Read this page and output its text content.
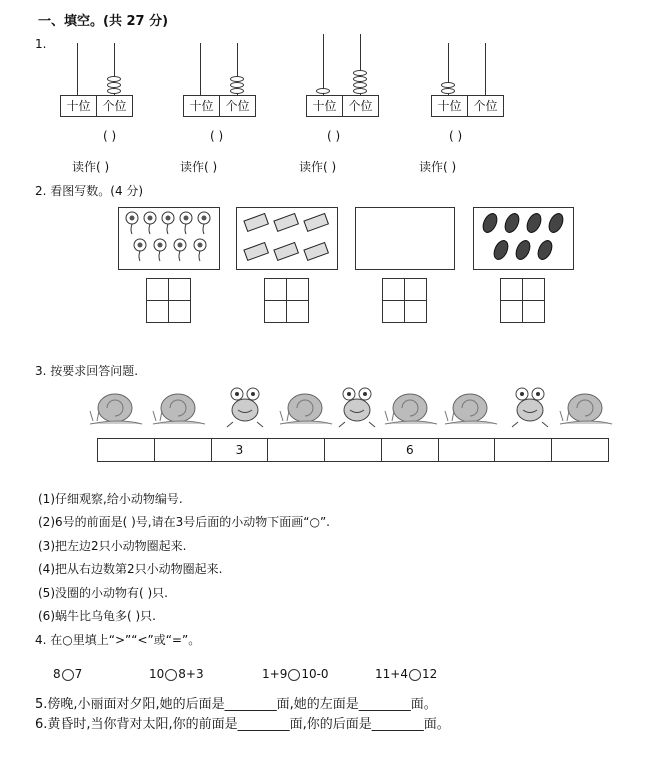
一、填空。(共 27 分)
1.
十位 个位	十位 个位	十位 个位	十位 个位
( )	( )	( )	( )
读作( )	读作( )	读作( )	读作( )
2. 看图写数。(4 分)
3. 按要求回答问题.
3	6
(1)仔细观察,给小动物编号.
(2)6号的前面是( )号,请在3号后面的小动物下面画“○”.
(3)把左边2只小动物圈起来.
(4)把从右边数第2只小动物圈起来.
(5)没圈的小动物有( )只.
(6)蜗牛比乌龟多( )只.
4. 在○里填上“>”“<”或“=”。
8 7	10 8+3	1+9 10-0	11+4 12
5.傍晚,小丽面对夕阳,她的后面是________面,她的左面是________面。
6.黄昏时,当你背对太阳,你的前面是________面,你的后面是________面。
